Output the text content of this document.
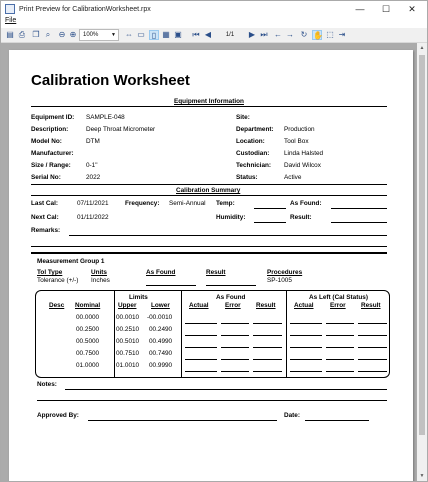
Print Preview for CalibrationWorksheet.rpx	—	☐	✕
File
▤ ⎙ ❐ ⌕	⊖ ⊕	100%	▼ ⇔ ▭ ▯ ▦ ▣ ⏮ ◀	1/1	▶ ⏭ ← → ↻ ✋ ⬚ ⇥
Calibration Worksheet
Equipment Information
Equipment ID: SAMPLE-048
Description:	Deep Throat Micrometer
Model No:	DTM
Manufacturer:
Size / Range: 0-1"
Serial No:	2022
Site:
Department: Production
Location:	Tool Box
Custodian: Linda Halsted
Technician: David Wilcox
Status:	Active
Calibration Summary
Last Cal:	07/11/2021	Frequency: Semi-Annual Temp:	As Found:
Next Cal:	01/11/2022	Humidity:	Result:
Remarks:
Measurement Group 1
Tol Type	Units	As Found	Result	Procedures
Tolerance (+/-) Inches	SP-1005
Limits	As Found	As Left (Cal Status)
Desc Nominal	Upper Lower	Actual	Error Result	Actual	Error Result
00.0000	00.0010 -00.0010
00.2500	00.2510 00.2490
00.5000	00.5010 00.4990
00.7500	00.7510 00.7490
01.0000	01.0010 00.9990
Notes:
Approved By:	Date:
▲
▼
